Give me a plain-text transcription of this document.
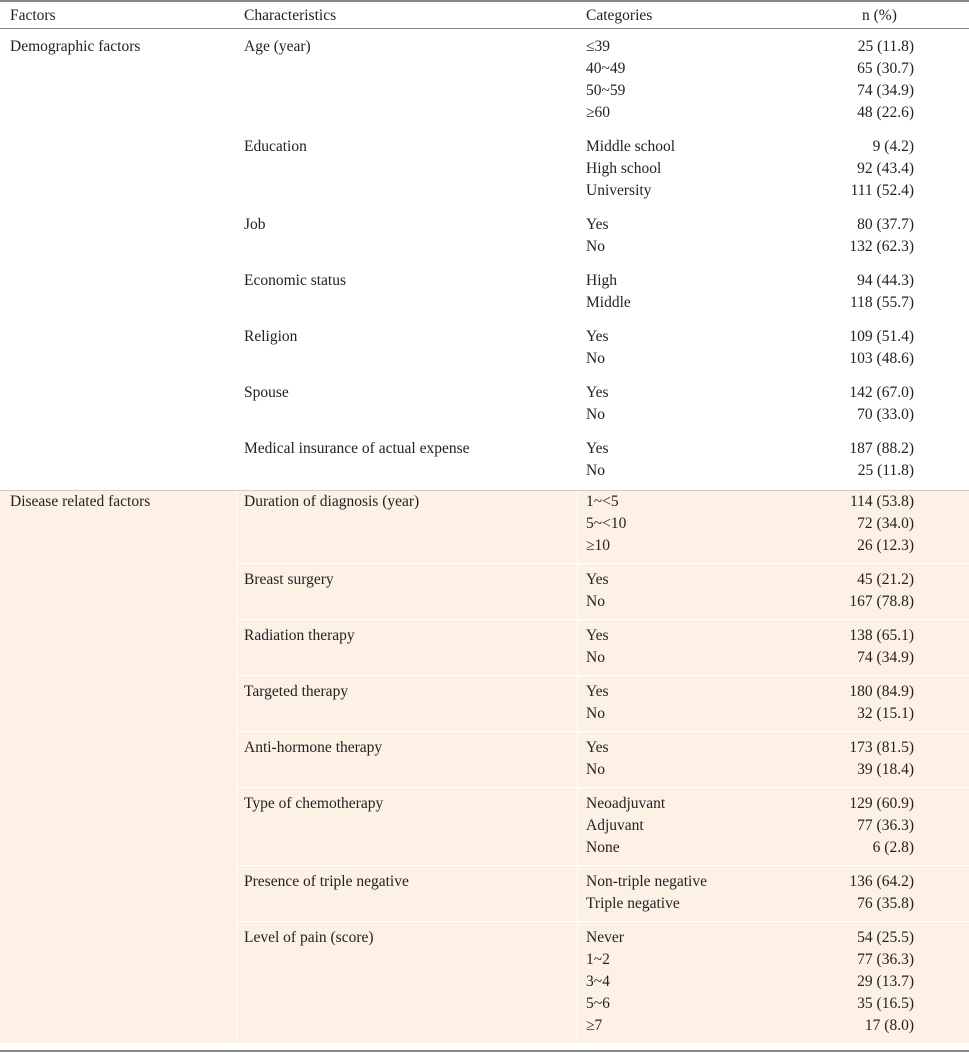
Factors	Characteristics	Categories	n (%)
Demographic factors	Age (year)	≤39	25 (11.8)
40~49	65 (30.7)
50~59	74 (34.9)
≥60	48 (22.6)
Education	Middle school	9 (4.2)
High school	92 (43.4)
University	111 (52.4)
Job	Yes	80 (37.7)
No	132 (62.3)
Economic status	High	94 (44.3)
Middle	118 (55.7)
Religion	Yes	109 (51.4)
No	103 (48.6)
Spouse	Yes	142 (67.0)
No	70 (33.0)
Medical insurance of actual expense	Yes	187 (88.2)
No	25 (11.8)
Disease related factors	Duration of diagnosis (year)	1~<5	114 (53.8)
5~<10	72 (34.0)
≥10	26 (12.3)
Breast surgery	Yes	45 (21.2)
No	167 (78.8)
Radiation therapy	Yes	138 (65.1)
No	74 (34.9)
Targeted therapy	Yes	180 (84.9)
No	32 (15.1)
Anti-hormone therapy	Yes	173 (81.5)
No	39 (18.4)
Type of chemotherapy	Neoadjuvant	129 (60.9)
Adjuvant	77 (36.3)
None	6 (2.8)
Presence of triple negative	Non-triple negative	136 (64.2)
Triple negative	76 (35.8)
Level of pain (score)	Never	54 (25.5)
1~2	77 (36.3)
3~4	29 (13.7)
5~6	35 (16.5)
≥7	17 (8.0)
